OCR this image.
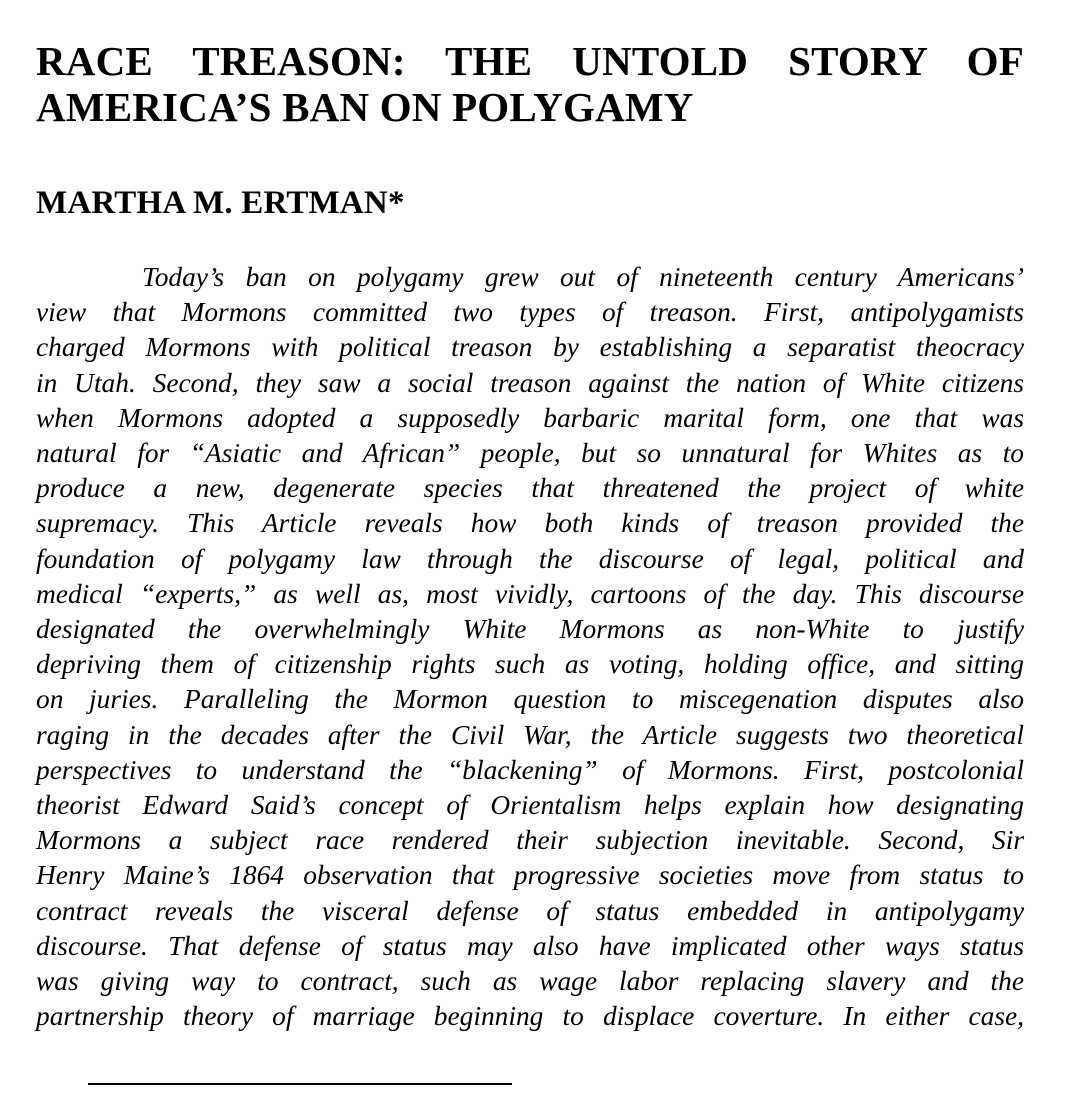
RACE TREASON: THE UNTOLD STORY OF
AMERICA’S BAN ON POLYGAMY
MARTHA M. ERTMAN*

Today’s ban on polygamy grew out of nineteenth century Americans’
view that Mormons committed two types of treason. First, antipolygamists
charged Mormons with political treason by establishing a separatist theocracy
in Utah. Second, they saw a social treason against the nation of White citizens
when Mormons adopted a supposedly barbaric marital form, one that was
natural for “Asiatic and African” people, but so unnatural for Whites as to
produce a new, degenerate species that threatened the project of white
supremacy. This Article reveals how both kinds of treason provided the
foundation of polygamy law through the discourse of legal, political and
medical “experts,” as well as, most vividly, cartoons of the day. This discourse
designated the overwhelmingly White Mormons as non-White to justify
depriving them of citizenship rights such as voting, holding office, and sitting
on juries. Paralleling the Mormon question to miscegenation disputes also
raging in the decades after the Civil War, the Article suggests two theoretical
perspectives to understand the “blackening” of Mormons. First, postcolonial
theorist Edward Said’s concept of Orientalism helps explain how designating
Mormons a subject race rendered their subjection inevitable. Second, Sir
Henry Maine’s 1864 observation that progressive societies move from status to
contract reveals the visceral defense of status embedded in antipolygamy
discourse. That defense of status may also have implicated other ways status
was giving way to contract, such as wage labor replacing slavery and the
partnership theory of marriage beginning to displace coverture. In either case,
